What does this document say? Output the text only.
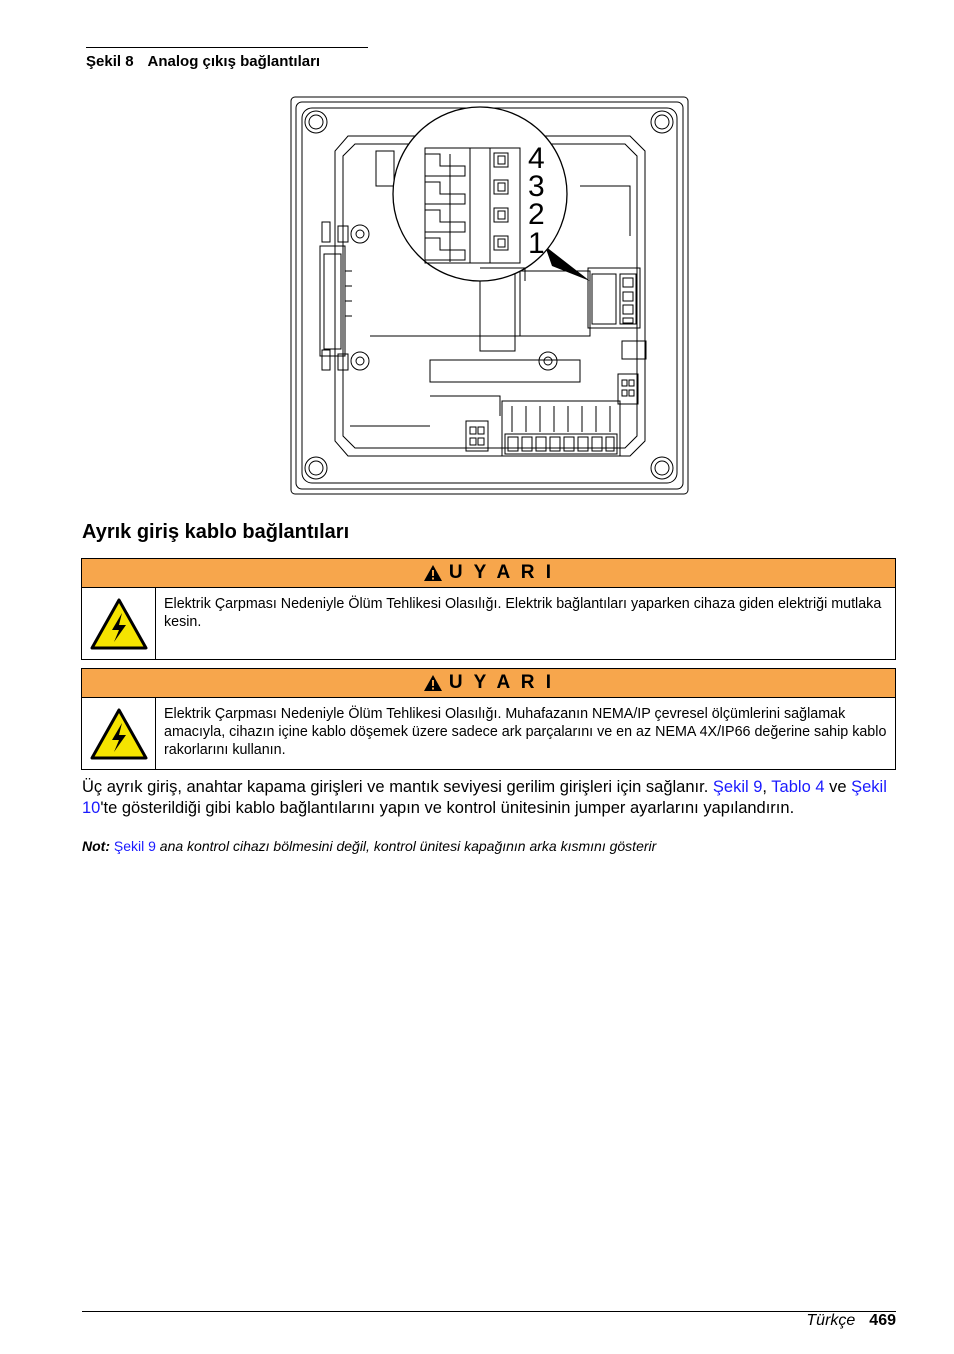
Şekil 8 Analog çıkış bağlantıları
4
3
2
1
Ayrık giriş kablo bağlantıları
U Y A R I
Elektrik Çarpması Nedeniyle Ölüm Tehlikesi Olasılığı. Elektrik bağlantıları yaparken cihaza giden elektriği mutlaka kesin.
U Y A R I
Elektrik Çarpması Nedeniyle Ölüm Tehlikesi Olasılığı. Muhafazanın NEMA/IP çevresel ölçümlerini sağlamak amacıyla, cihazın içine kablo döşemek üzere sadece ark parçalarını ve en az NEMA 4X/IP66 değerine sahip kablo rakorlarını kullanın.
Üç ayrık giriş, anahtar kapama girişleri ve mantık seviyesi gerilim girişleri için sağlanır. Şekil 9, Tablo 4 ve Şekil 10'te gösterildiği gibi kablo bağlantılarını yapın ve kontrol ünitesinin jumper ayarlarını yapılandırın.
Not: Şekil 9 ana kontrol cihazı bölmesini değil, kontrol ünitesi kapağının arka kısmını gösterir
Türkçe 469
